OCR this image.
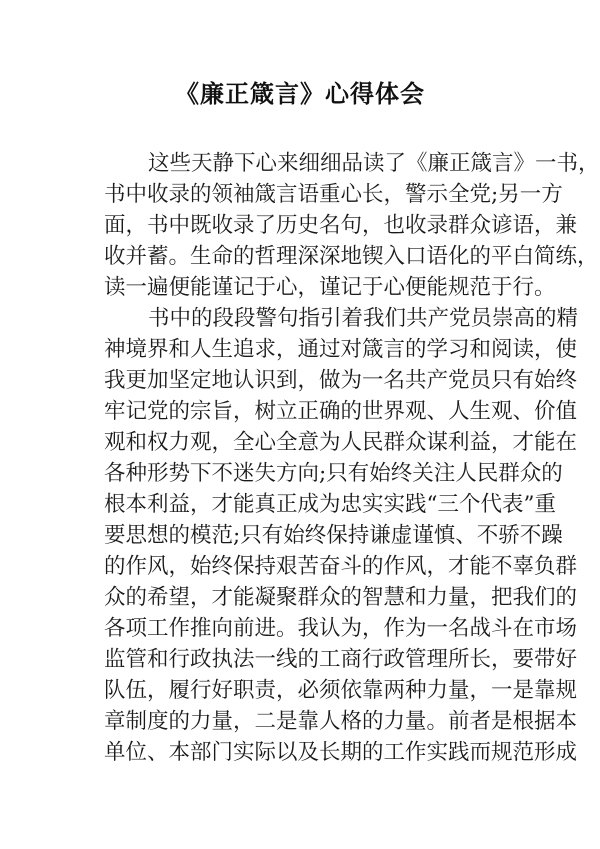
《廉正箴言》心得体会
这些天静下心来细细品读了《廉正箴言》一书，
书中收录的领袖箴言语重心长，警示全党;另一方
面，书中既收录了历史名句，也收录群众谚语，兼
收并蓄。生命的哲理深深地锲入口语化的平白简练，
读一遍便能谨记于心，谨记于心便能规范于行。
书中的段段警句指引着我们共产党员崇高的精
神境界和人生追求，通过对箴言的学习和阅读，使
我更加坚定地认识到，做为一名共产党员只有始终
牢记党的宗旨，树立正确的世界观、人生观、价值
观和权力观，全心全意为人民群众谋利益，才能在
各种形势下不迷失方向;只有始终关注人民群众的
根本利益，才能真正成为忠实实践“三个代表”重
要思想的模范;只有始终保持谦虚谨慎、不骄不躁
的作风，始终保持艰苦奋斗的作风，才能不辜负群
众的希望，才能凝聚群众的智慧和力量，把我们的
各项工作推向前进。我认为，作为一名战斗在市场
监管和行政执法一线的工商行政管理所长，要带好
队伍，履行好职责，必须依靠两种力量，一是靠规
章制度的力量，二是靠人格的力量。前者是根据本
单位、本部门实际以及长期的工作实践而规范形成
